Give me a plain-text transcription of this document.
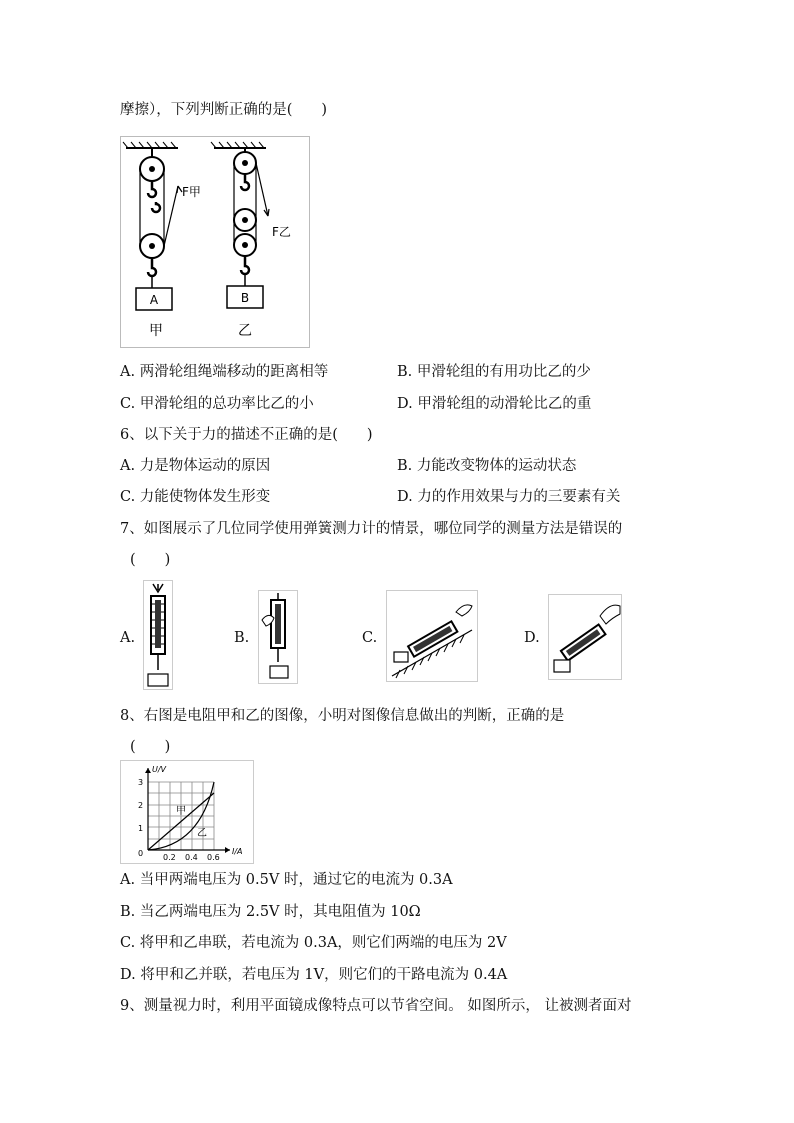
摩擦），下列判断正确的是(　　)
A
F甲
B
F乙
甲	乙
A. 两滑轮组绳端移动的距离相等	B. 甲滑轮组的有用功比乙的少
C. 甲滑轮组的总功率比乙的小	D. 甲滑轮组的动滑轮比乙的重
6、以下关于力的描述不正确的是(　　)
A. 力是物体运动的原因	B. 力能改变物体的运动状态
C. 力能使物体发生形变	D. 力的作用效果与力的三要素有关
7、如图展示了几位同学使用弹簧测力计的情景，哪位同学的测量方法是错误的
(　　)
A.	B.	C.	D.
8、右图是电阻甲和乙的图像，小明对图像信息做出的判断，正确的是
(　　)
U/V
I/A
0
1
2
3
0.2 0.4 0.6
甲
乙
A. 当甲两端电压为 0.5V 时，通过它的电流为 0.3A
B. 当乙两端电压为 2.5V 时，其电阻值为 10Ω
C. 将甲和乙串联，若电流为 0.3A，则它们两端的电压为 2V
D. 将甲和乙并联，若电压为 1V，则它们的干路电流为 0.4A
9、测量视力时，利用平面镜成像特点可以节省空间。 如图所示， 让被测者面对
